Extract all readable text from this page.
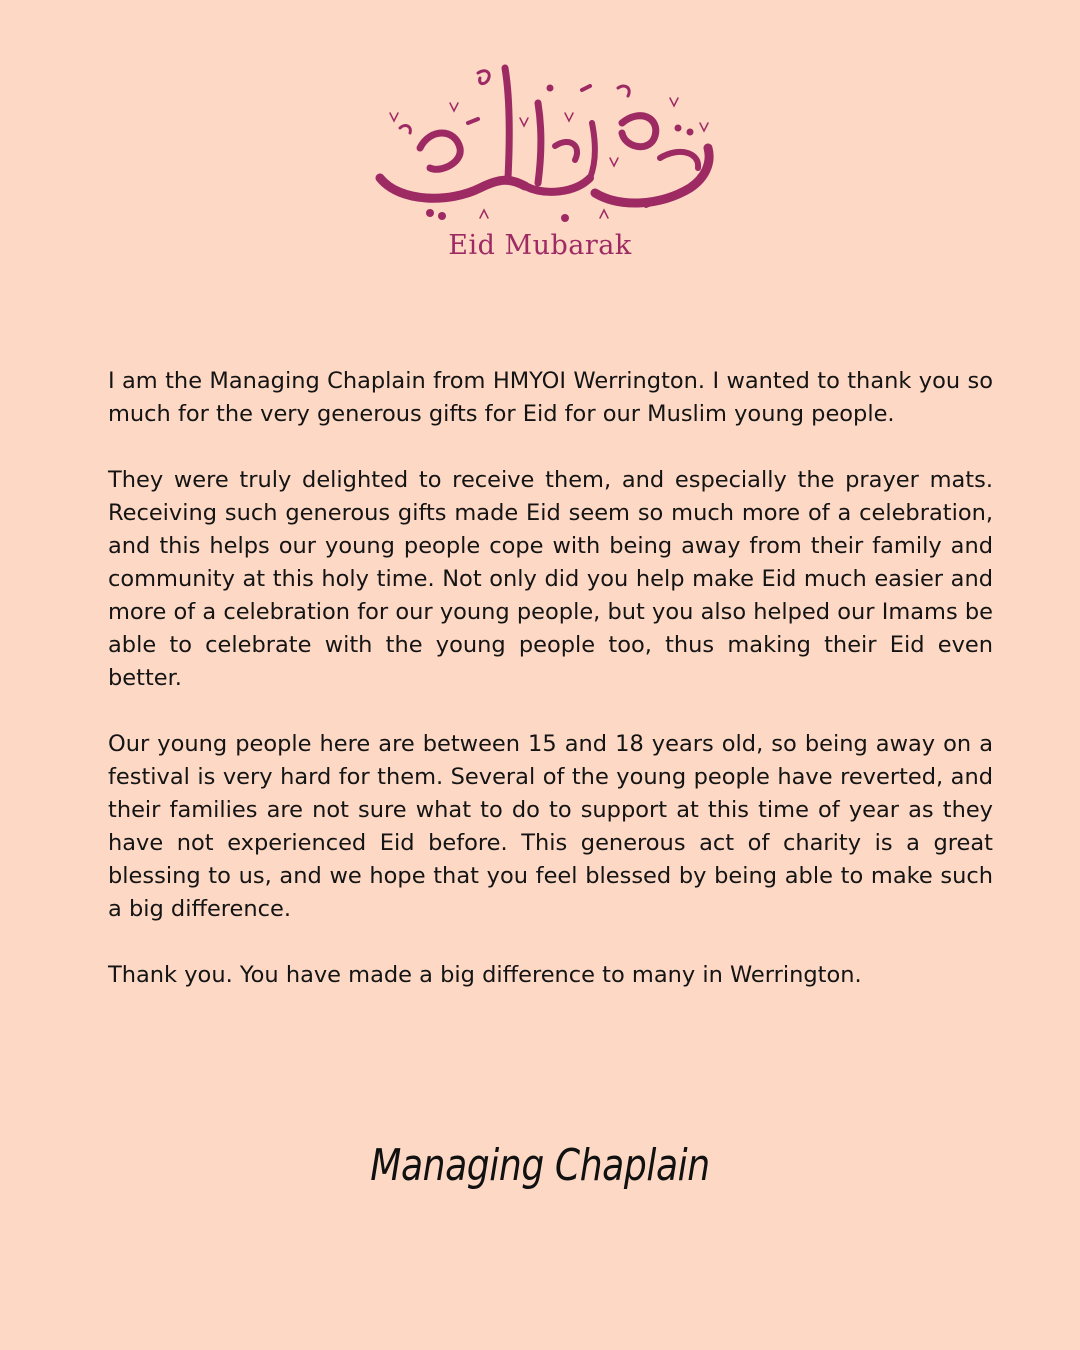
Eid Mubarak

I am the Managing Chaplain from HMYOI Werrington. I wanted to thank you so much for the very generous gifts for Eid for our Muslim young people.

They were truly delighted to receive them, and especially the prayer mats. Receiving such generous gifts made Eid seem so much more of a celebration, and this helps our young people cope with being away from their family and community at this holy time. Not only did you help make Eid much easier and more of a celebration for our young people, but you also helped our Imams be able to celebrate with the young people too, thus making their Eid even better.

Our young people here are between 15 and 18 years old, so being away on a festival is very hard for them. Several of the young people have reverted, and their families are not sure what to do to support at this time of year as they have not experienced Eid before. This generous act of charity is a great blessing to us, and we hope that you feel blessed by being able to make such a big difference.

Thank you. You have made a big difference to many in Werrington.

Managing Chaplain
